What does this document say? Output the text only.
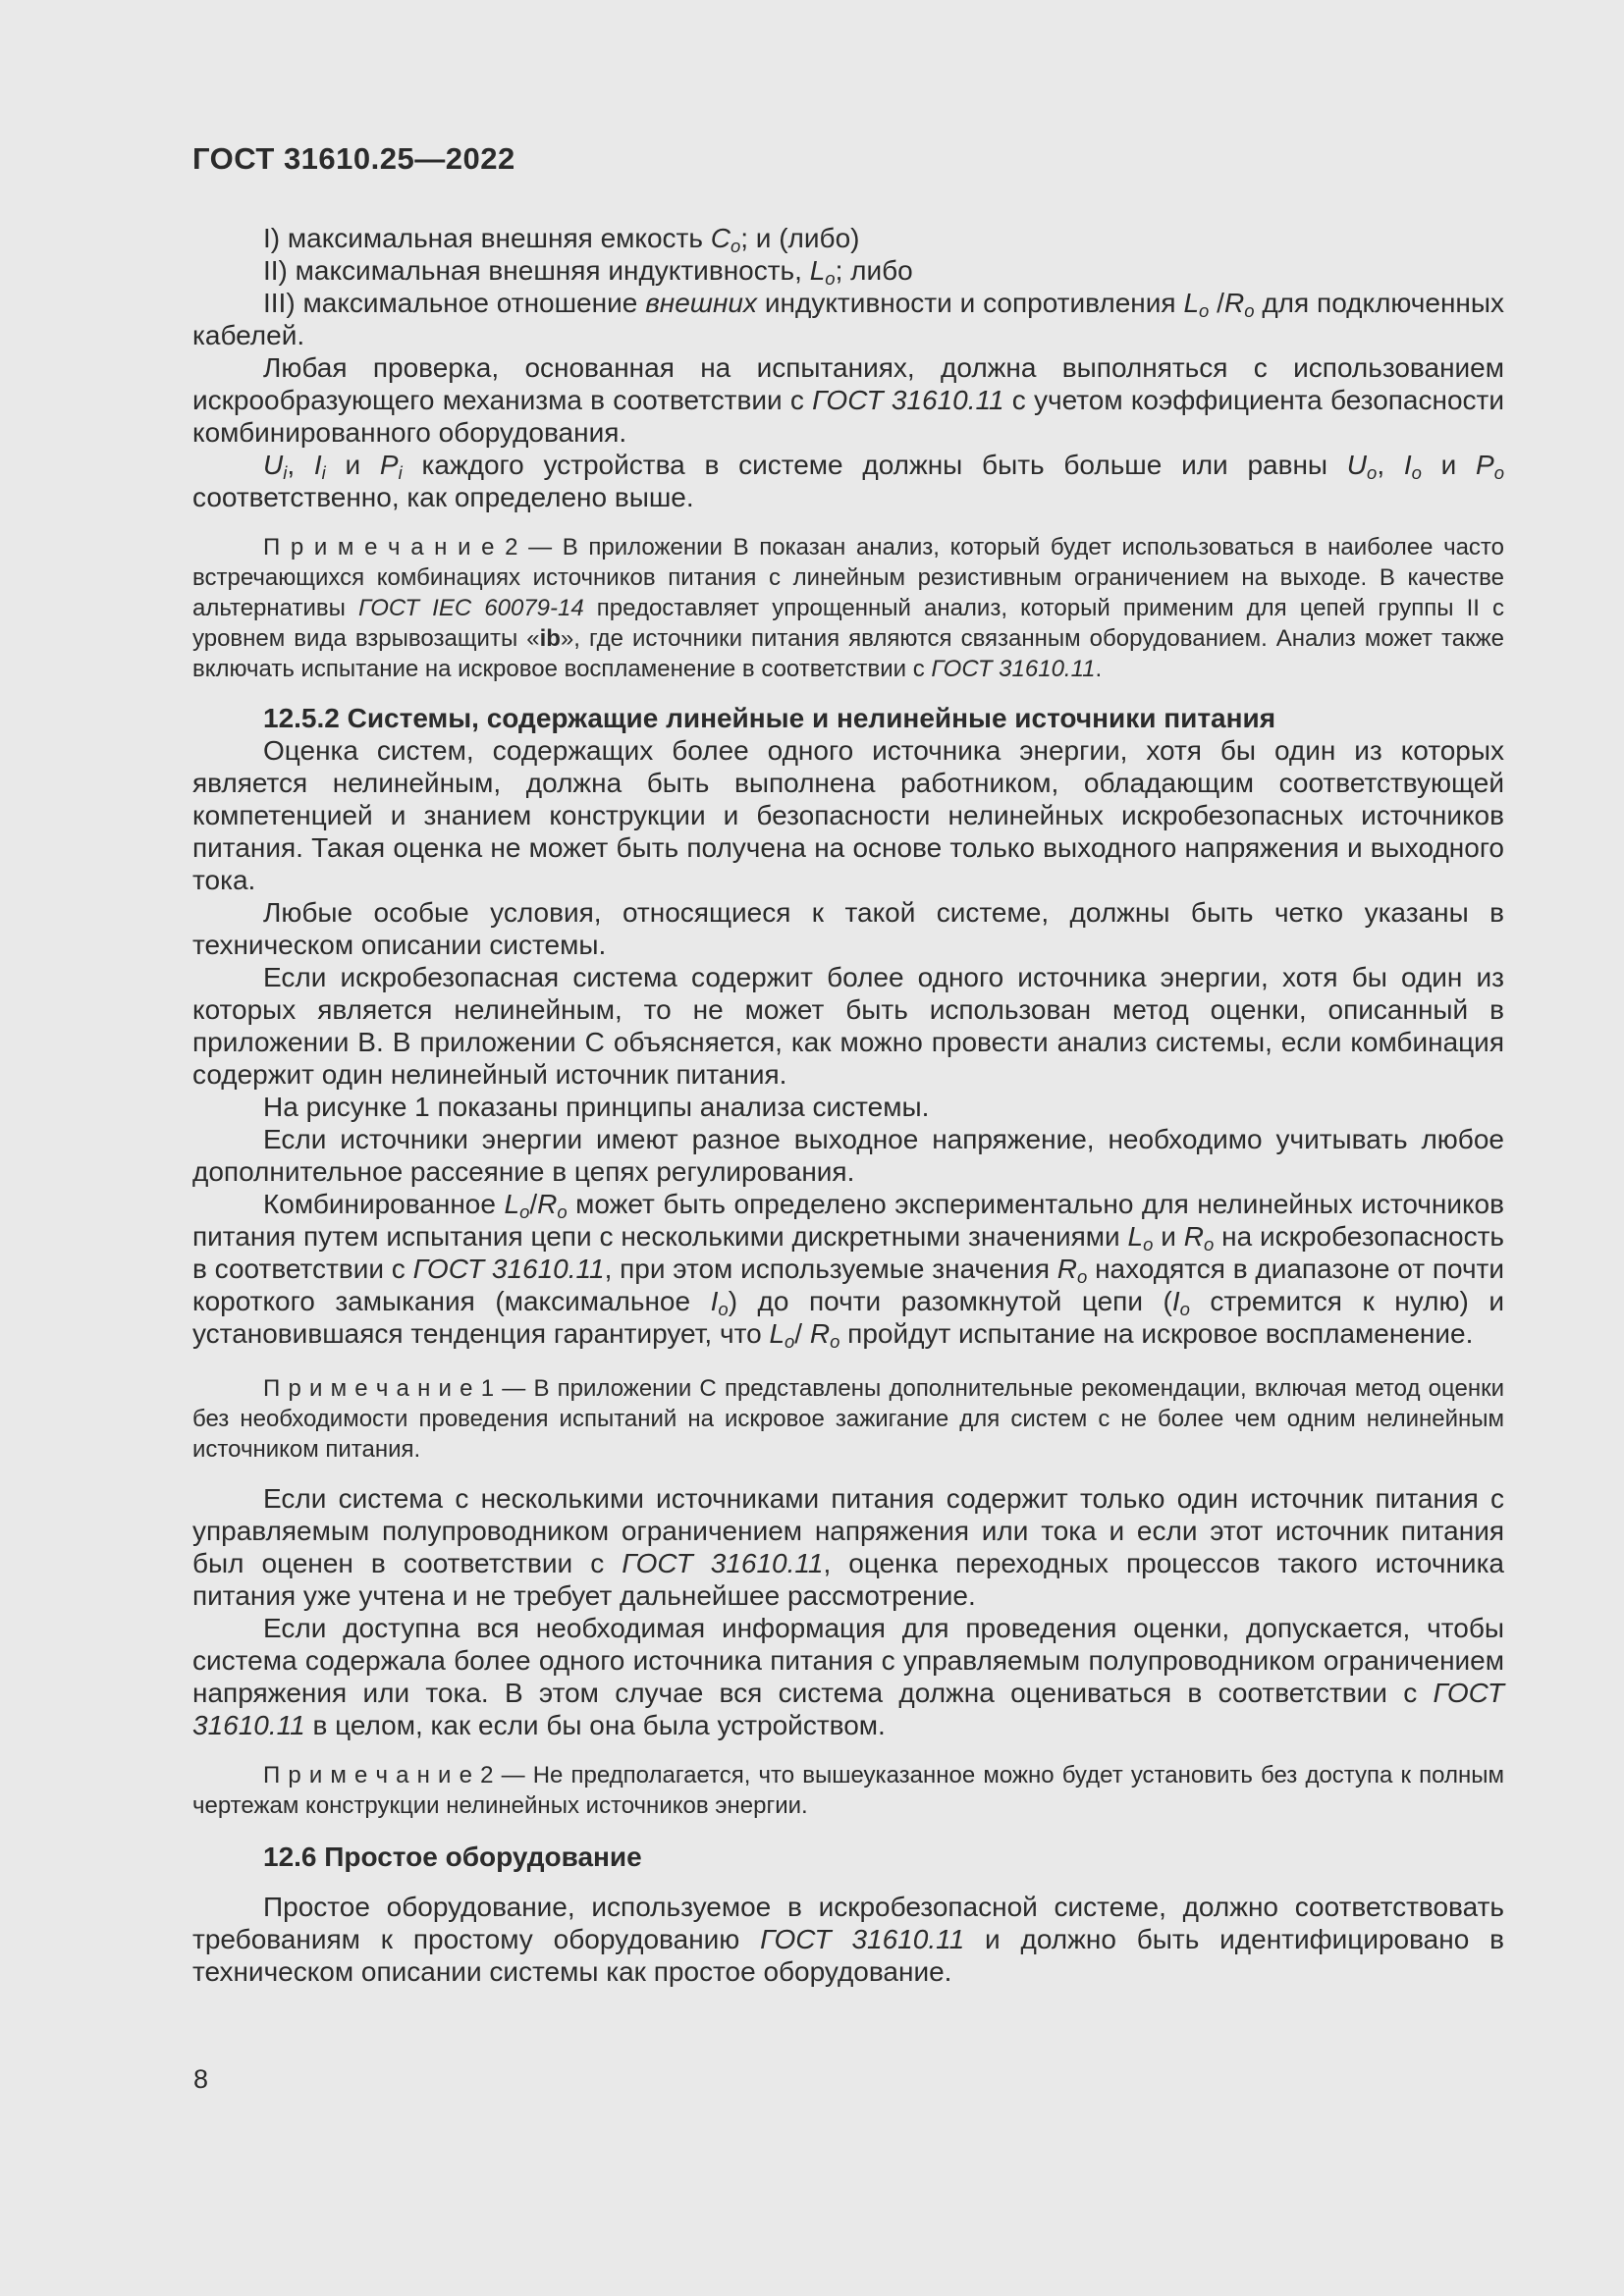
ГОСТ 31610.25—2022

I) максимальная внешняя емкость $C_o$; и (либо)

II) максимальная внешняя индуктивность, $L_o$; либо

III) максимальное отношение внешних индуктивности и сопротивления $L_o$ $/R_o$ для подключенных кабелей.

Любая проверка, основанная на испытаниях, должна выполняться с использованием искрообразующего механизма в соответствии с ГОСТ 31610.11 с учетом коэффициента безопасности комбинированного оборудования.

$U_i$, $I_i$ и $P_i$ каждого устройства в системе должны быть больше или равны $U_o$, $I_o$ и $P_o$ соответственно, как определено выше.

П р и м е ч а н и е 2 — В приложении В показан анализ, который будет использоваться в наиболее часто встречающихся комбинациях источников питания с линейным резистивным ограничением на выходе. В качестве альтернативы ГОСТ IEC 60079-14 предоставляет упрощенный анализ, который применим для цепей группы II с уровнем вида взрывозащиты «ib», где источники питания являются связанным оборудованием. Анализ может также включать испытание на искровое воспламенение в соответствии с ГОСТ 31610.11.

12.5.2 Системы, содержащие линейные и нелинейные источники питания

Оценка систем, содержащих более одного источника энергии, хотя бы один из которых является нелинейным, должна быть выполнена работником, обладающим соответствующей компетенцией и знанием конструкции и безопасности нелинейных искробезопасных источников питания. Такая оценка не может быть получена на основе только выходного напряжения и выходного тока.

Любые особые условия, относящиеся к такой системе, должны быть четко указаны в техническом описании системы.

Если искробезопасная система содержит более одного источника энергии, хотя бы один из которых является нелинейным, то не может быть использован метод оценки, описанный в приложении В. В приложении С объясняется, как можно провести анализ системы, если комбинация содержит один нелинейный источник питания.

На рисунке 1 показаны принципы анализа системы.

Если источники энергии имеют разное выходное напряжение, необходимо учитывать любое дополнительное рассеяние в цепях регулирования.

Комбинированное $L_o/R_o$ может быть определено экспериментально для нелинейных источников питания путем испытания цепи с несколькими дискретными значениями $L_o$ и $R_o$ на искробезопасность в соответствии с ГОСТ 31610.11, при этом используемые значения $R_o$ находятся в диапазоне от почти короткого замыкания (максимальное $I_o$) до почти разомкнутой цепи ($I_o$ стремится к нулю) и установившаяся тенденция гарантирует, что $L_o/$ $R_o$ пройдут испытание на искровое воспламенение.

П р и м е ч а н и е 1 — В приложении С представлены дополнительные рекомендации, включая метод оценки без необходимости проведения испытаний на искровое зажигание для систем с не более чем одним нелинейным источником питания.

Если система с несколькими источниками питания содержит только один источник питания с управляемым полупроводником ограничением напряжения или тока и если этот источник питания был оценен в соответствии с ГОСТ 31610.11, оценка переходных процессов такого источника питания уже учтена и не требует дальнейшее рассмотрение.

Если доступна вся необходимая информация для проведения оценки, допускается, чтобы система содержала более одного источника питания с управляемым полупроводником ограничением напряжения или тока. В этом случае вся система должна оцениваться в соответствии с ГОСТ 31610.11 в целом, как если бы она была устройством.

П р и м е ч а н и е 2 — Не предполагается, что вышеуказанное можно будет установить без доступа к полным чертежам конструкции нелинейных источников энергии.

12.6 Простое оборудование

Простое оборудование, используемое в искробезопасной системе, должно соответствовать требованиям к простому оборудованию ГОСТ 31610.11 и должно быть идентифицировано в техническом описании системы как простое оборудование.

8
